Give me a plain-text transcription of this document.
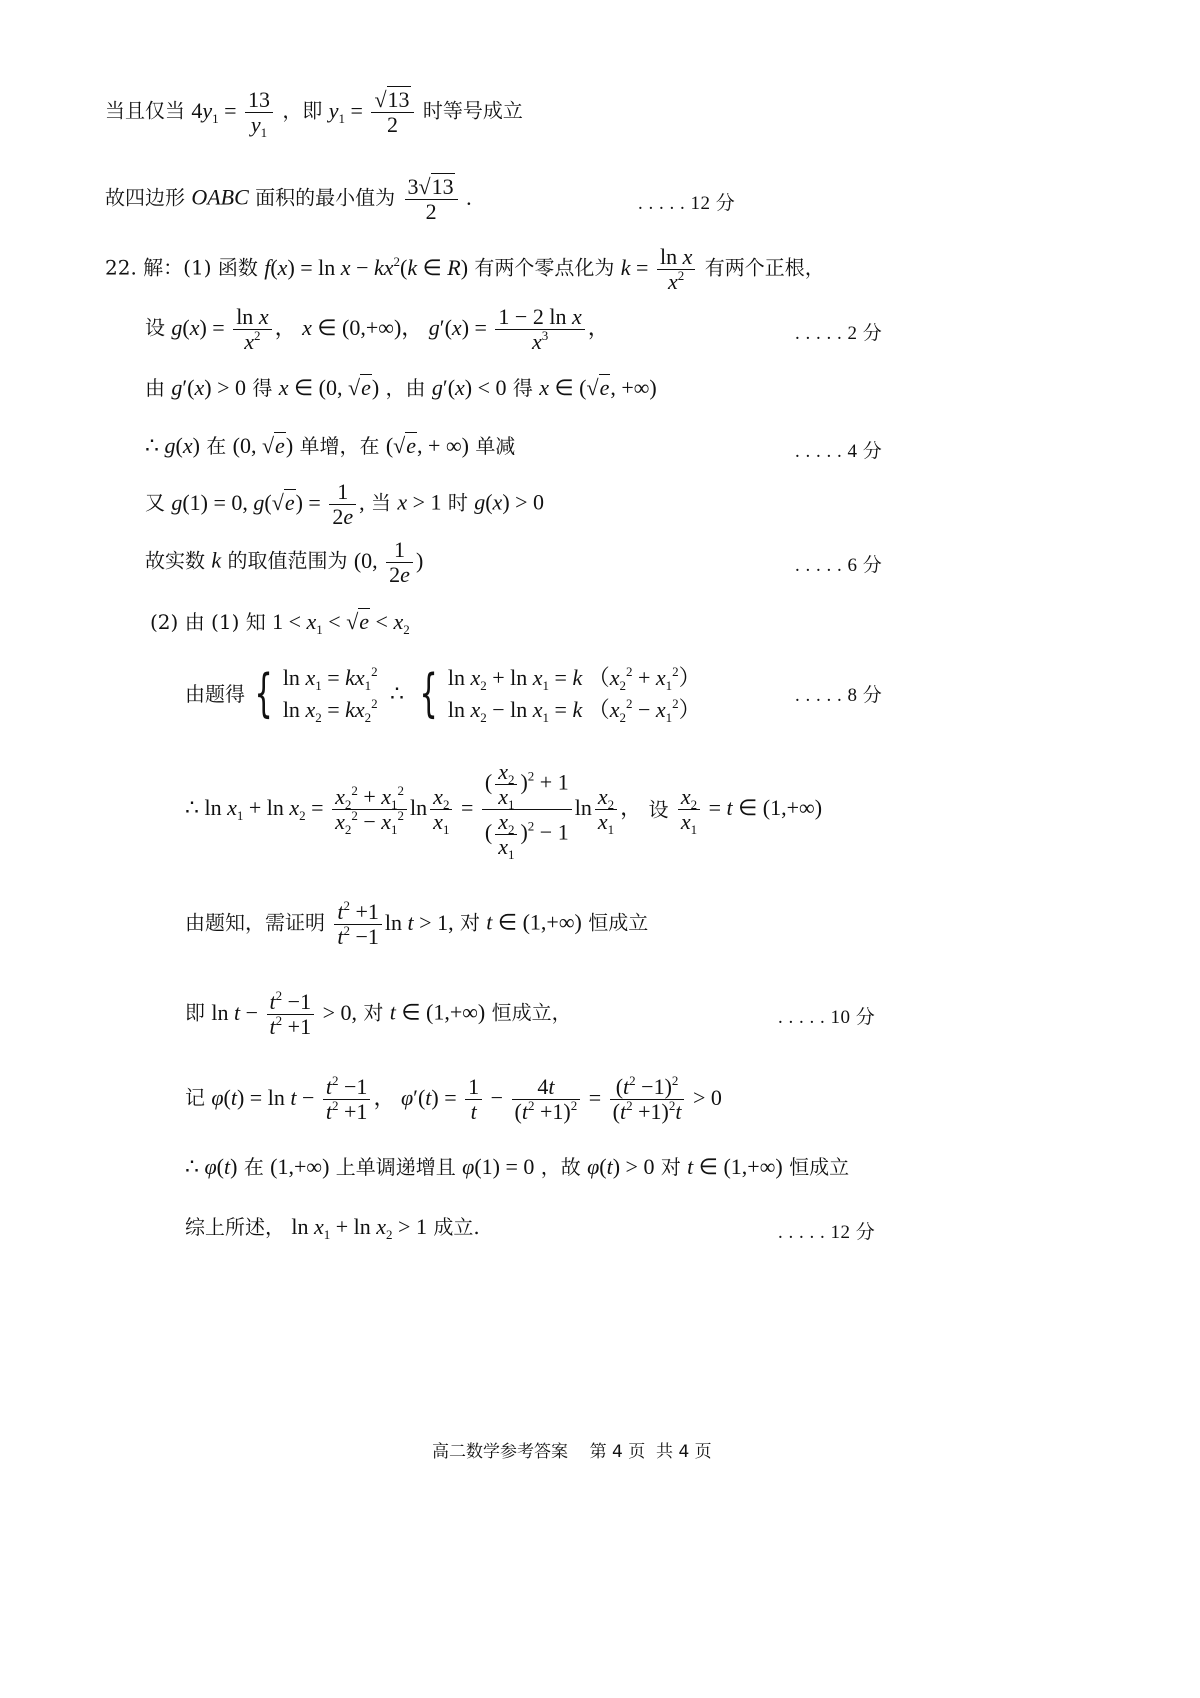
当且仅当 $4y_1 = \frac{13}{y_1}$ ，即 $y_1 = \frac{√13}{2}$ 时等号成立
故四边形 OABC 面积的最小值为 $\frac{3√13}{2}$ .	. . . . . 12 分
22. 解：(1) 函数 $f(x) = \ln x - kx^2(k$ ∈ R) 有两个零点化为 $k = \frac{\text{ln x}}{x^2}$ 有两个正根，
设 $g(x) = \frac{\text{ln x}}{x^2}$ ， x ∈ (0,+∞)， $g'(x) = \frac{\text{1 − 2 ln x}}{x^3}$ ，	. . . . . 2 分
由 g′(x) > 0 得 x ∈ (0, √e) ，由 g′(x) < 0 得 x ∈ (√e, +∞)
∴ g(x) 在 (0, √e) 单增，在 (√e, + ∞) 单减	. . . . . 4 分
又 g(1) = 0, $g(√e) = \frac{1}{2e}$ , 当 x > 1 时 g(x) > 0
故实数 k 的取值范围为 (0, $\frac{1}{2e}$ )	. . . . . 6 分
(2) 由 (1) 知 $1 < x_1 < √e < x_2$
由题得 { $\ln x_1 = kx_1^2$
$\ln x_2 = kx_2^2$ ∴ { $\ln x_2 + \ln x_1 = k$ $(x_2^2 + x_1^2)$
$\ln x_2 - \ln x_1 = k$ $(x_2^2 - x_1^2)$
. . . . . 8 分
∴ $\ln x_1 + \ln x_2 = \frac{x_2^2 + x_1^2}{x_2^2 - x_1^2}$ $\ln \frac{x_2}{x_1} = \frac{( \frac{x_2}{x_1} )^2 + 1}{( \frac{x_2}{x_1} )^2 - 1}$ $\ln \frac{x_2}{x_1}$ ， 设 $\frac{x_2}{x_1} = t$ ∈ (1,+∞)
由题知，需证明 $\frac{t^2 +1}{t^2 -1}$ ln t > 1, 对 t ∈ (1,+∞) 恒成立
即 $\ln t - \frac{t^2 -1}{t^2 +1} > 0$, 对 t ∈ (1,+∞) 恒成立，	. . . . . 10 分
记 $\varphi(t) = \ln t - \frac{t^2 -1}{t^2 +1}$ ， $\varphi'(t) = \frac{1}{t} - \frac{4t}{(t^2 +1)^2} = \frac{(t^2 -1)^2}{(t^2 +1)^2t} > 0$
∴ φ(t) 在 (1,+∞) 上单调递增且 φ(1) = 0 ，故 φ(t) > 0 对 t ∈ (1,+∞) 恒成立
综上所述， $\ln x_1 + \ln x_2 > 1$ 成立.	. . . . . 12 分
高二数学参考答案    第 4 页  共 4 页
